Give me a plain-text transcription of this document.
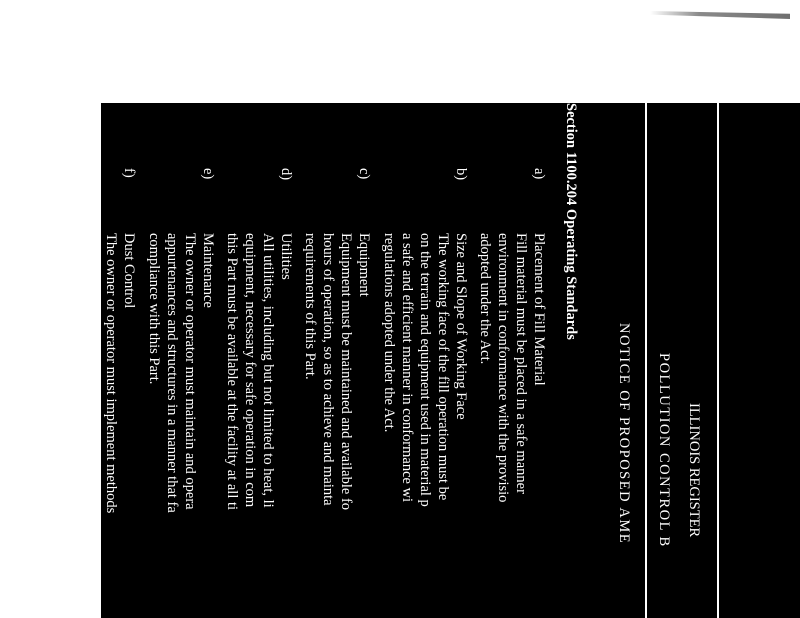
ILLINOIS REGISTER
POLLUTION CONTROL B
NOTICE OF PROPOSED AME
Section 1100.204 Operating Standards
a)
Placement of Fill Material
Fill material must be placed in a safe manner
environment in conformance with the provisio
adopted under the Act.
b)
Size and Slope of Working Face
The working face of the fill operation must be
on the terrain and equipment used in material p
a safe and efficient manner in conformance wi
regulations adopted under the Act.
c)
Equipment
Equipment must be maintained and available fo
hours of operation, so as to achieve and mainta
requirements of this Part.
d)
Utilities
All utilities, including but not limited to heat, li
equipment, necessary for safe operation in com
this Part must be available at the facility at all ti
e)
Maintenance
The owner or operator must maintain and opera
appurtenances and structures in a manner that fa
compliance with this Part.
f)
Dust Control
The owner or operator must implement methods
minimize off-site wind dispersal of particulate m
g)
Noise Control
The facility must be designed, constructed, and m
of equipment noise audible outside the site. The
contribute to a violation of the Board's noise regu
